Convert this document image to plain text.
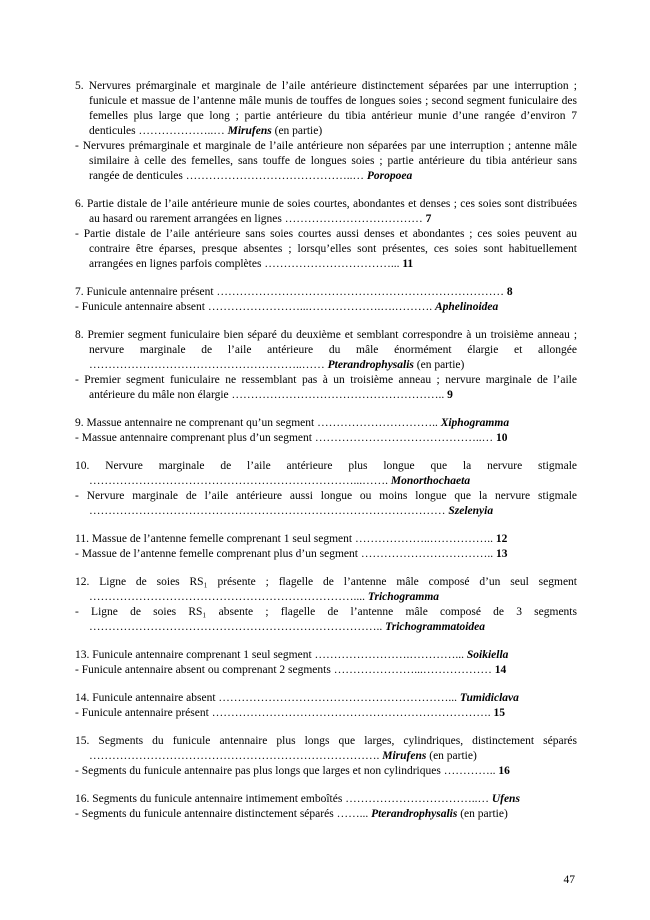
5. Nervures prémarginale et marginale de l’aile antérieure distinctement séparées par une interruption ; funicule et massue de l’antenne mâle munis de touffes de longues soies ; second segment funiculaire des femelles plus large que long ; partie antérieure du tibia antérieur munie d’une rangée d’environ 7 denticules ………………..… Mirufens (en partie)

- Nervures prémarginale et marginale de l’aile antérieure non séparées par une interruption ; antenne mâle similaire à celle des femelles, sans touffe de longues soies ; partie antérieure du tibia antérieur sans rangée de denticules ……………………………………..… Poropoea

6. Partie distale de l’aile antérieure munie de soies courtes, abondantes et denses ; ces soies sont distribuées au hasard ou rarement arrangées en lignes ……………………………… 7

- Partie distale de l’aile antérieure sans soies courtes aussi denses et abondantes ; ces soies peuvent au contraire être éparses, presque absentes ; lorsqu’elles sont présentes, ces soies sont habituellement arrangées en lignes parfois complètes ……………………………... 11

7. Funicule antennaire présent ………………………………………………………………… 8

- Funicule antennaire absent ……………………...……………….….………. Aphelinoidea

8. Premier segment funiculaire bien séparé du deuxième et semblant correspondre à un troisième anneau ; nervure marginale de l’aile antérieure du mâle énormément élargie et allongée ………………………………………………..…… Pterandrophysalis (en partie)

- Premier segment funiculaire ne ressemblant pas à un troisième anneau ; nervure marginale de l’aile antérieure du mâle non élargie ……………………………………………….. 9

9. Massue antennaire ne comprenant qu’un segment ………………………….. Xiphogramma

- Massue antennaire comprenant plus d’un segment ……………………………………..… 10

10. Nervure marginale de l’aile antérieure plus longue que la nervure stigmale ……………………………………………………………...……. Monorthochaeta

- Nervure marginale de l’aile antérieure aussi longue ou moins longue que la nervure stigmale ………………………………………………………………………………… Szelenyia

11. Massue de l’antenne femelle comprenant 1 seul segment ………………..…………….. 12

- Massue de l’antenne femelle comprenant plus d’un segment …………………………….. 13

12. Ligne de soies RS₁ présente ; flagelle de l’antenne mâle composé d’un seul segment …………………………………………………………….... Trichogramma

- Ligne de soies RS₁ absente ; flagelle de l’antenne mâle composé de 3 segments ………………………………………………………………….. Trichogrammatoidea

13. Funicule antennaire comprenant 1 seul segment …………………….…………... Soikiella

- Funicule antennaire absent ou comprenant 2 segments …………………...……………… 14

14. Funicule antennaire absent ……………………………………………………... Tumidiclava

- Funicule antennaire présent ………………………………………………………………. 15

15. Segments du funicule antennaire plus longs que larges, cylindriques, distinctement séparés …………………………………………………………………. Mirufens (en partie)

- Segments du funicule antennaire pas plus longs que larges et non cylindriques ………….. 16

16. Segments du funicule antennaire intimement emboîtés ……………………………..… Ufens

- Segments du funicule antennaire distinctement séparés ……... Pterandrophysalis (en partie)

47
